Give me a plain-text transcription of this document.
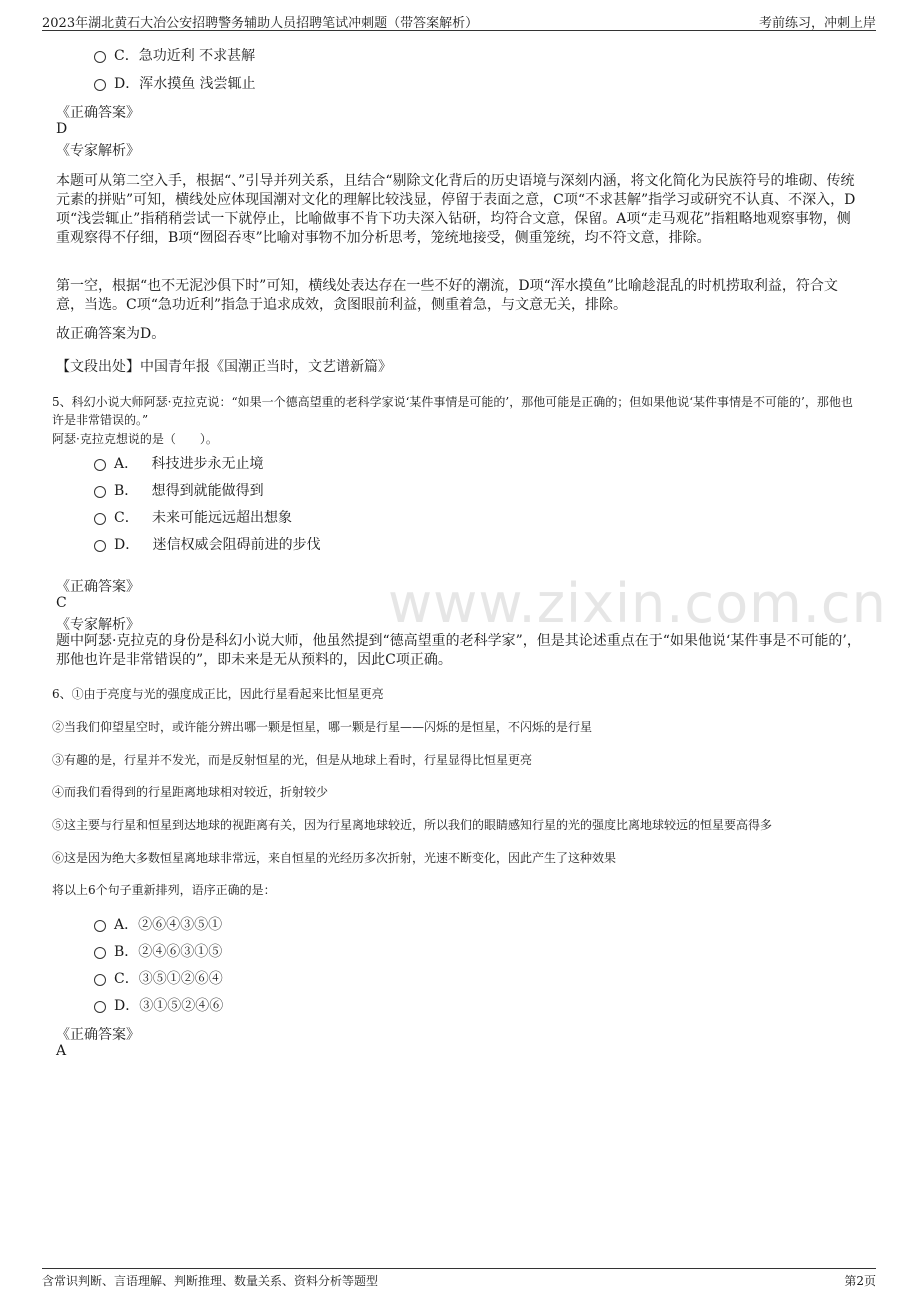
2023年湖北黄石大冶公安招聘警务辅助人员招聘笔试冲刺题（带答案解析）	考前练习，冲刺上岸
www.zixin.com.cn
C．急功近利 不求甚解
D．浑水摸鱼 浅尝辄止
《正确答案》
D
《专家解析》
本题可从第二空入手，根据“、”引导并列关系，且结合“剔除文化背后的历史语境与深刻内涵，将文化简化为民族符号的堆砌、传统元素的拼贴”可知，横线处应体现国潮对文化的理解比较浅显，停留于表面之意，C项“不求甚解”指学习或研究不认真、不深入，D项“浅尝辄止”指稍稍尝试一下就停止，比喻做事不肯下功夫深入钻研，均符合文意，保留。A项“走马观花”指粗略地观察事物，侧重观察得不仔细，B项“囫囵吞枣”比喻对事物不加分析思考，笼统地接受，侧重笼统，均不符文意，排除。
第一空，根据“也不无泥沙俱下时”可知，横线处表达存在一些不好的潮流，D项“浑水摸鱼”比喻趁混乱的时机捞取利益，符合文意，当选。C项“急功近利”指急于追求成效，贪图眼前利益，侧重着急，与文意无关，排除。
故正确答案为D。
【文段出处】中国青年报《国潮正当时，文艺谱新篇》
5、科幻小说大师阿瑟·克拉克说：“如果一个德高望重的老科学家说‘某件事情是可能的’，那他可能是正确的；但如果他说‘某件事情是不可能的’，那他也许是非常错误的。”
阿瑟·克拉克想说的是（　　）。
A．   科技进步永无止境
B．   想得到就能做得到
C．   未来可能远远超出想象
D．   迷信权威会阻碍前进的步伐
《正确答案》
C
《专家解析》
题中阿瑟·克拉克的身份是科幻小说大师，他虽然提到“德高望重的老科学家”，但是其论述重点在于“如果他说‘某件事是不可能的’，那他也许是非常错误的”，即未来是无从预料的，因此C项正确。
6、①由于亮度与光的强度成正比，因此行星看起来比恒星更亮
②当我们仰望星空时，或许能分辨出哪一颗是恒星，哪一颗是行星——闪烁的是恒星，不闪烁的是行星
③有趣的是，行星并不发光，而是反射恒星的光，但是从地球上看时，行星显得比恒星更亮
④而我们看得到的行星距离地球相对较近，折射较少
⑤这主要与行星和恒星到达地球的视距离有关，因为行星离地球较近，所以我们的眼睛感知行星的光的强度比离地球较远的恒星要高得多
⑥这是因为绝大多数恒星离地球非常远，来自恒星的光经历多次折射，光速不断变化，因此产生了这种效果
将以上6个句子重新排列，语序正确的是：
A．②⑥④③⑤①
B．②④⑥③①⑤
C．③⑤①②⑥④
D．③①⑤②④⑥
《正确答案》
A
含常识判断、言语理解、判断推理、数量关系、资料分析等题型	第2页
